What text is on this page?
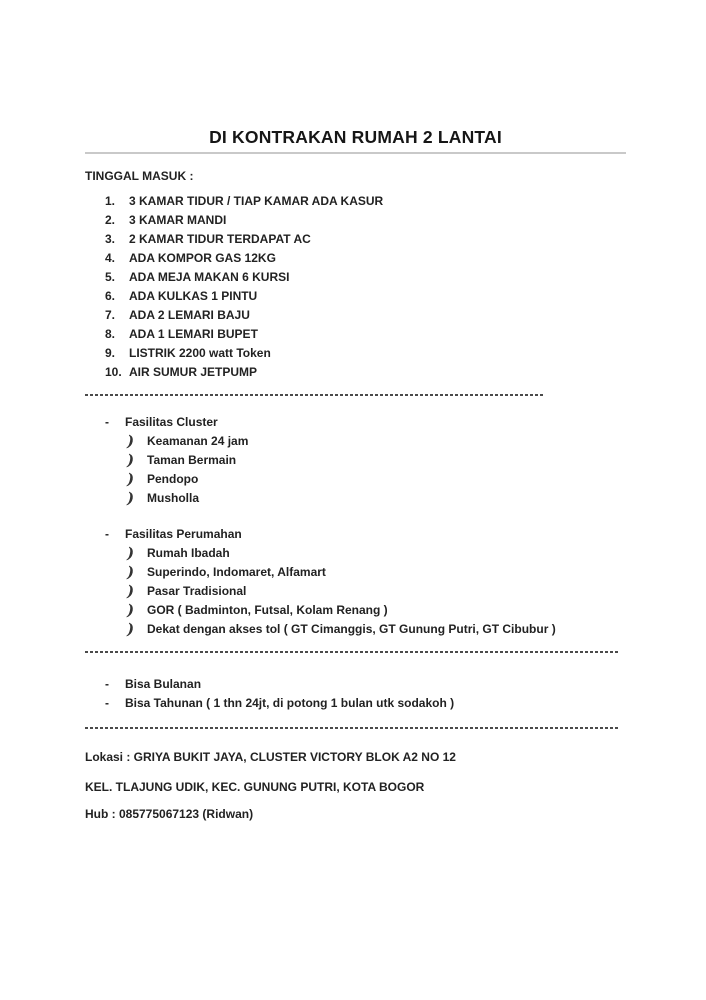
DI KONTRAKAN RUMAH 2 LANTAI
TINGGAL MASUK :
1.	3 KAMAR TIDUR / TIAP KAMAR ADA KASUR
2.	3 KAMAR MANDI
3.	2 KAMAR TIDUR TERDAPAT AC
4.	ADA KOMPOR GAS 12KG
5.	ADA MEJA MAKAN 6 KURSI
6.	ADA KULKAS 1 PINTU
7.	ADA 2 LEMARI BAJU
8.	ADA 1 LEMARI BUPET
9.	LISTRIK 2200 watt Token
10. AIR SUMUR JETPUMP
-	Fasilitas Cluster
)	Keamanan 24 jam
)	Taman Bermain
)	Pendopo
)	Musholla
-	Fasilitas Perumahan
)	Rumah Ibadah
)	Superindo, Indomaret, Alfamart
)	Pasar Tradisional
)	GOR ( Badminton, Futsal, Kolam Renang )
)	Dekat dengan akses tol ( GT Cimanggis, GT Gunung Putri, GT Cibubur )
-	Bisa Bulanan
-	Bisa Tahunan ( 1 thn 24jt, di potong 1 bulan utk sodakoh )
Lokasi : GRIYA BUKIT JAYA, CLUSTER VICTORY BLOK A2 NO 12
KEL. TLAJUNG UDIK, KEC. GUNUNG PUTRI, KOTA BOGOR
Hub : 085775067123 (Ridwan)
